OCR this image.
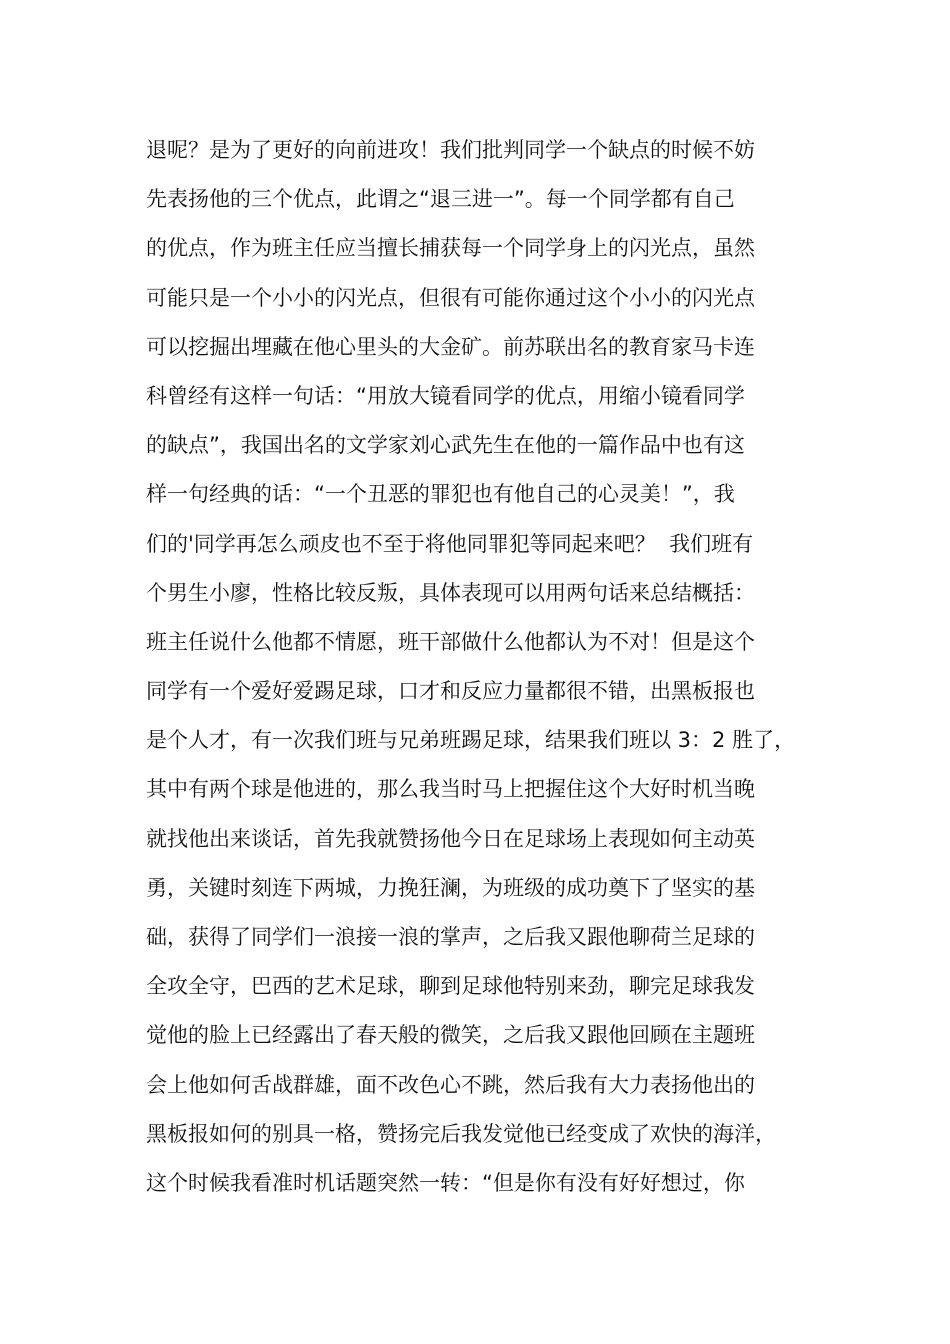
退呢？是为了更好的向前进攻！我们批判同学一个缺点的时候不妨
先表扬他的三个优点，此谓之“退三进一”。每一个同学都有自己
的优点，作为班主任应当擅长捕获每一个同学身上的闪光点，虽然
可能只是一个小小的闪光点，但很有可能你通过这个小小的闪光点
可以挖掘出埋藏在他心里头的大金矿。前苏联出名的教育家马卡连
科曾经有这样一句话：“用放大镜看同学的优点，用缩小镜看同学
的缺点”，我国出名的文学家刘心武先生在他的一篇作品中也有这
样一句经典的话：“一个丑恶的罪犯也有他自己的心灵美！”，我
们的'同学再怎么顽皮也不至于将他同罪犯等同起来吧？  我们班有
个男生小廖，性格比较反叛，具体表现可以用两句话来总结概括：
班主任说什么他都不情愿，班干部做什么他都认为不对！但是这个
同学有一个爱好爱踢足球，口才和反应力量都很不错，出黑板报也
是个人才，有一次我们班与兄弟班踢足球，结果我们班以 3：2 胜了，
其中有两个球是他进的，那么我当时马上把握住这个大好时机当晚
就找他出来谈话，首先我就赞扬他今日在足球场上表现如何主动英
勇，关键时刻连下两城，力挽狂澜，为班级的成功奠下了坚实的基
础，获得了同学们一浪接一浪的掌声，之后我又跟他聊荷兰足球的
全攻全守，巴西的艺术足球，聊到足球他特别来劲，聊完足球我发
觉他的脸上已经露出了春天般的微笑，之后我又跟他回顾在主题班
会上他如何舌战群雄，面不改色心不跳，然后我有大力表扬他出的
黑板报如何的别具一格，赞扬完后我发觉他已经变成了欢快的海洋，
这个时候我看准时机话题突然一转：“但是你有没有好好想过，你
